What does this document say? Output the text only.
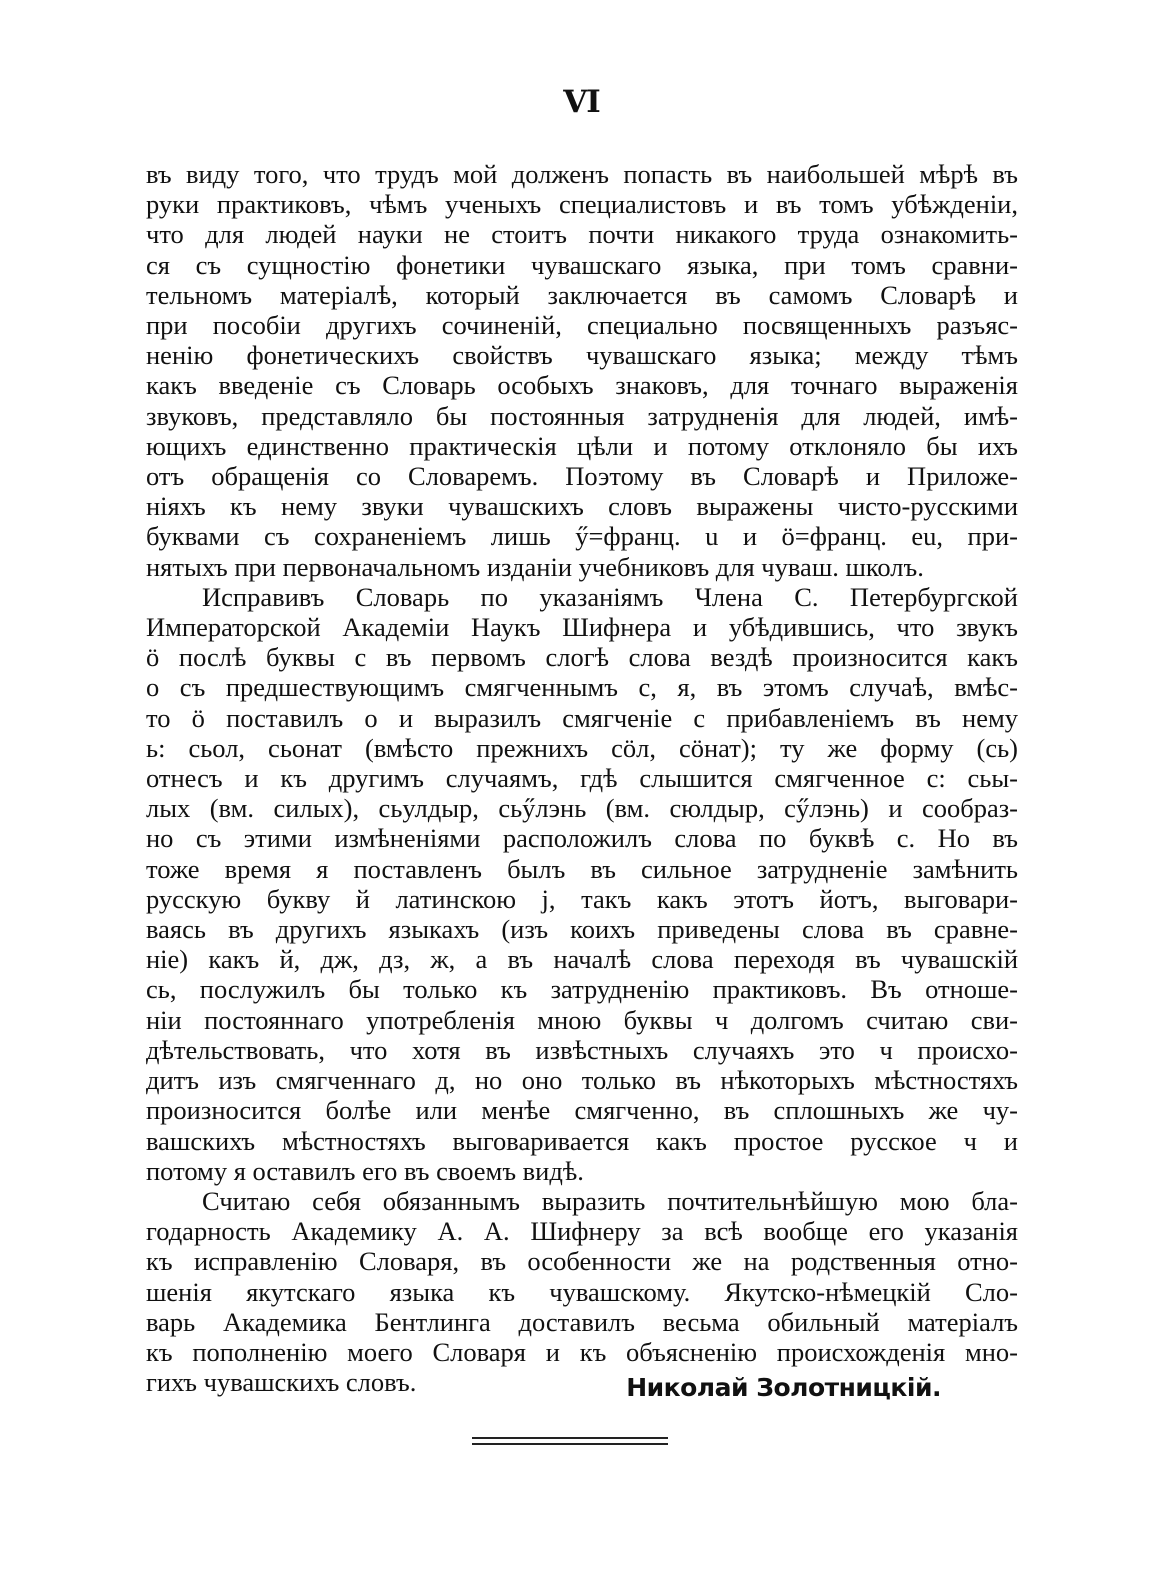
VI
въ виду того, что трудъ мой долженъ попасть въ наибольшей мѣрѣ въ
руки практиковъ, чѣмъ ученыхъ специалистовъ и въ томъ убѣжденіи,
что для людей науки не стоитъ почти никакого труда ознакомить-
ся съ сущностію фонетики чувашскаго языка, при томъ сравни-
тельномъ матеріалѣ, который заключается въ самомъ Словарѣ и
при пособіи другихъ сочиненій, специально посвященныхъ разъяс-
ненію фонетическихъ свойствъ чувашскаго языка; между тѣмъ
какъ введеніе съ Словарь особыхъ знаковъ, для точнаго выраженія
звуковъ, представляло бы постоянныя затрудненія для людей, имѣ-
ющихъ единственно практическія цѣли и потому отклоняло бы ихъ
отъ обращенія со Словаремъ. Поэтому въ Словарѣ и Приложе-
ніяхъ къ нему звуки чувашскихъ словъ выражены чисто-русскими
буквами съ сохраненіемъ лишь ӳ=франц. u и ӧ=франц. eu, при-
нятыхъ при первоначальномъ изданіи учебниковъ для чуваш. школъ.
Исправивъ Словарь по указаніямъ Члена С. Петербургской
Императорской Академіи Наукъ Шифнера и убѣдившись, что звукъ
ӧ послѣ буквы с въ первомъ слогѣ слова вездѣ произносится какъ
о съ предшествующимъ смягченнымъ с, я, въ этомъ случаѣ, вмѣс-
то ӧ поставилъ о и выразилъ смягченіе с прибавленіемъ въ нему
ь: сьол, сьонат (вмѣсто прежнихъ сӧл, сӧнат); ту же форму (сь)
отнесъ и къ другимъ случаямъ, гдѣ слышится смягченное с: сьы-
лых (вм. силых), сьулдыр, сьӳлэнь (вм. сюлдыр, сӳлэнь) и сообраз-
но съ этими измѣненіями расположилъ слова по буквѣ с. Но въ
тоже время я поставленъ былъ въ сильное затрудненіе замѣнить
русскую букву й латинскою j, такъ какъ этотъ йотъ, выговари-
ваясь въ другихъ языкахъ (изъ коихъ приведены слова въ сравне-
ніе) какъ й, дж, дз, ж, а въ началѣ слова переходя въ чувашскій
сь, послужилъ бы только къ затрудненію практиковъ. Въ отноше-
ніи постояннаго употребленія мною буквы ч долгомъ считаю сви-
дѣтельствовать, что хотя въ извѣстныхъ случаяхъ это ч происхо-
дитъ изъ смягченнаго д, но оно только въ нѣкоторыхъ мѣстностяхъ
произносится болѣе или менѣе смягченно, въ сплошныхъ же чу-
вашскихъ мѣстностяхъ выговаривается какъ простое русское ч и
потому я оставилъ его въ своемъ видѣ.
Считаю себя обязаннымъ выразить почтительнѣйшую мою бла-
годарность Академику А. А. Шифнеру за всѣ вообще его указанія
къ исправленію Словаря, въ особенности же на родственныя отно-
шенія якутскаго языка къ чувашскому. Якутско-нѣмецкій Сло-
варь Академика Бентлинга доставилъ весьма обильный матеріалъ
къ пополненію моего Словаря и къ объясненію происхожденія мно-
гихъ чувашскихъ словъ.	Николай Золотницкій.
